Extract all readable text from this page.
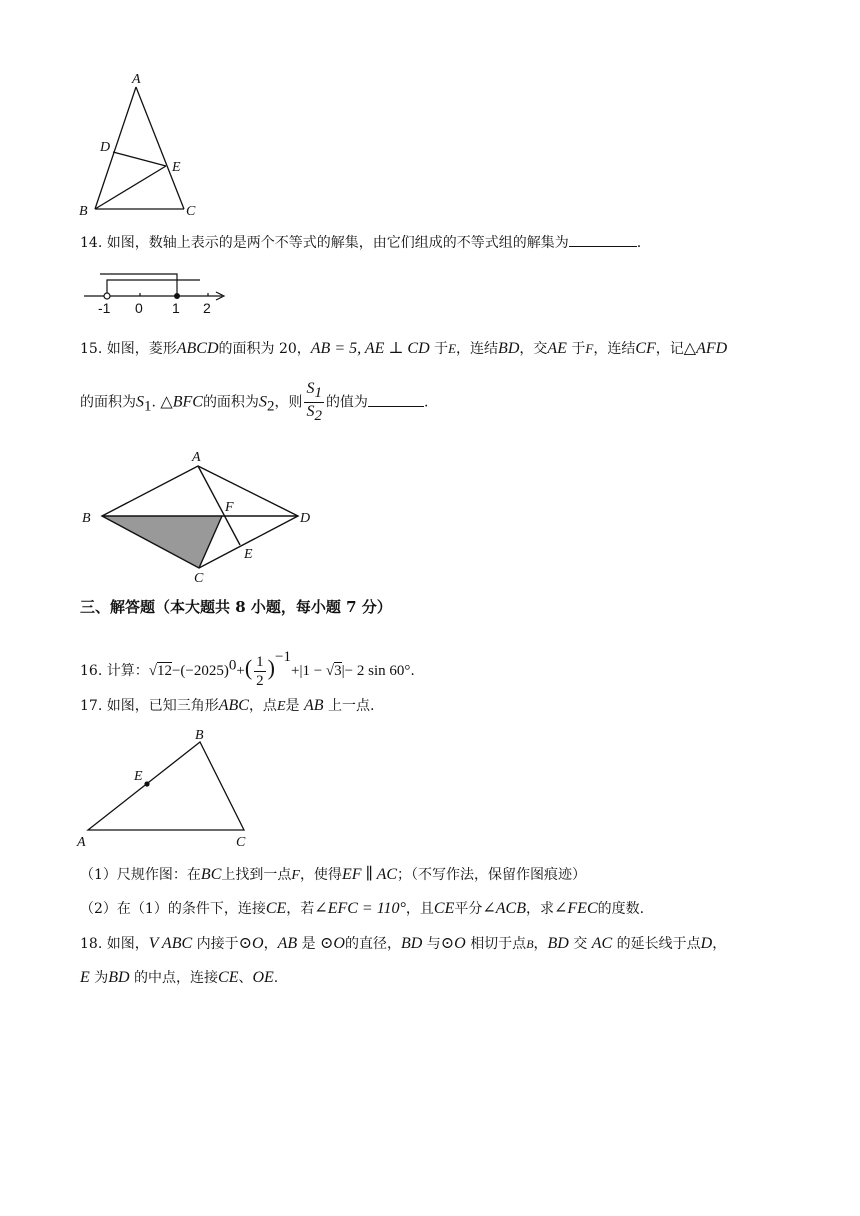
A
D
E
B	C
14. 如图，数轴上表示的是两个不等式的解集，由它们组成的不等式组的解集为	.
-1 0 1 2
15. 如图，菱形ABCD的面积为 20，AB = 5, AE ⊥ CD 于E，连结BD，交AE 于F，连结CF，记△AFD
的面积为$S_1$. △BFC的面积为$S_2$，则 $\frac{S_1}{S_2}$ 的值为	.
A
B
F
D
E
C
三、解答题（本大题共 8 小题，每小题 7 分）
16. 计算：$√12-(-2025)^0+( \frac{1}{2} )^{-1}+|1 - √3|- 2$ sin 60°.
17. 如图，已知三角形ABC，点E是 AB 上一点.
B
E
A	C
（1）尺规作图：在BC上找到一点F，使得EF ∥ AC；（不写作法，保留作图痕迹）
（2）在（1）的条件下，连接CE，若∠EFC = 110°，且CE平分∠ACB，求∠FEC的度数.
18. 如图，V ABC 内接于⊙O，AB 是 ⊙O的直径，BD 与⊙O 相切于点B，BD 交 AC 的延长线于点D，
E 为BD 的中点，连接CE、OE.
